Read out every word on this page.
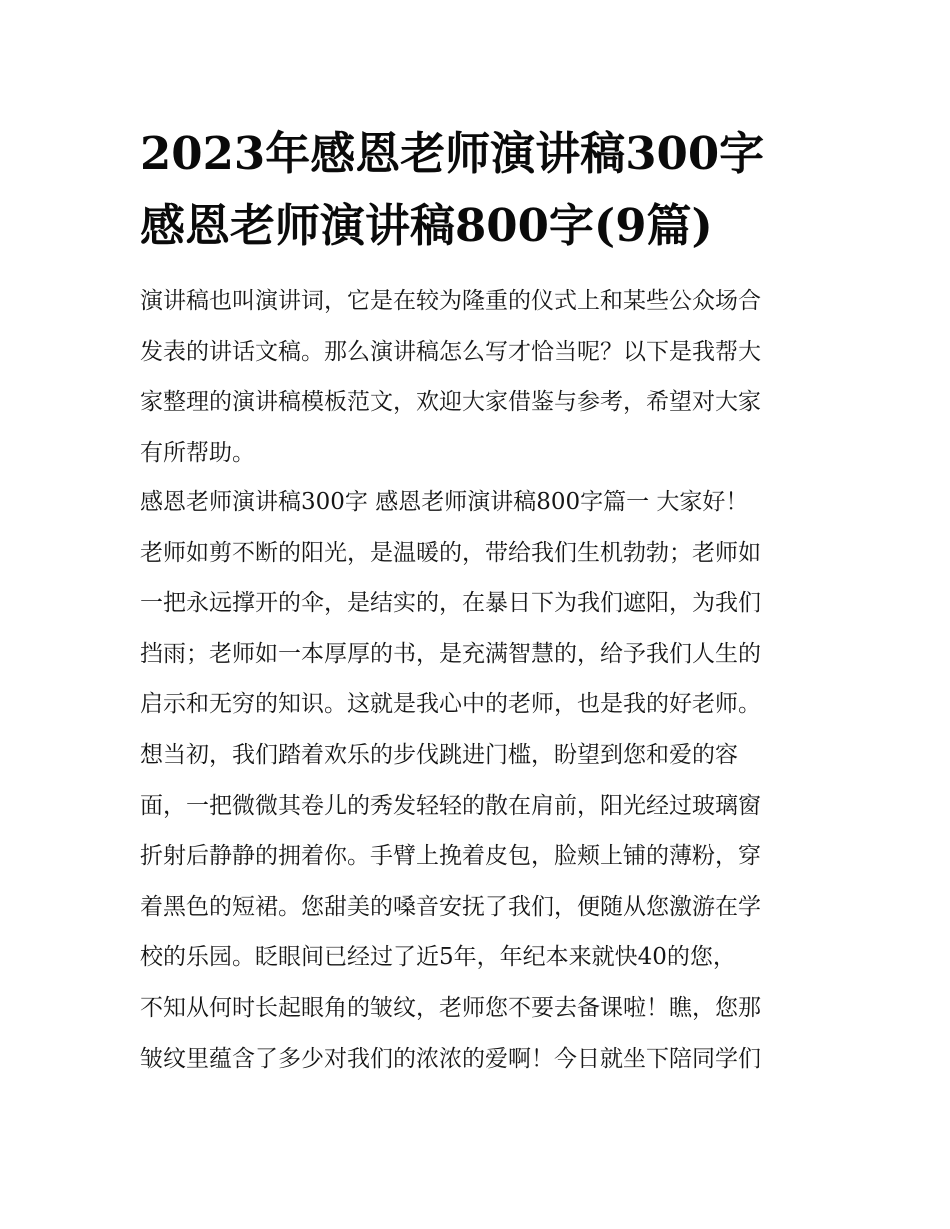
2023年感恩老师演讲稿300字
感恩老师演讲稿800字(9篇)
演讲稿也叫演讲词，它是在较为隆重的仪式上和某些公众场合
发表的讲话文稿。那么演讲稿怎么写才恰当呢？以下是我帮大
家整理的演讲稿模板范文，欢迎大家借鉴与参考，希望对大家
有所帮助。
感恩老师演讲稿300字 感恩老师演讲稿800字篇一 大家好！
老师如剪不断的阳光，是温暖的，带给我们生机勃勃；老师如
一把永远撑开的伞，是结实的，在暴日下为我们遮阳，为我们
挡雨；老师如一本厚厚的书，是充满智慧的，给予我们人生的
启示和无穷的知识。这就是我心中的老师，也是我的好老师。
想当初，我们踏着欢乐的步伐跳进门槛，盼望到您和爱的容
面，一把微微其卷儿的秀发轻轻的散在肩前，阳光经过玻璃窗
折射后静静的拥着你。手臂上挽着皮包，脸颊上铺的薄粉，穿
着黑色的短裙。您甜美的嗓音安抚了我们，便随从您激游在学
校的乐园。眨眼间已经过了近5年，年纪本来就快40的您，
不知从何时长起眼角的皱纹，老师您不要去备课啦！瞧，您那
皱纹里蕴含了多少对我们的浓浓的爱啊！今日就坐下陪同学们
